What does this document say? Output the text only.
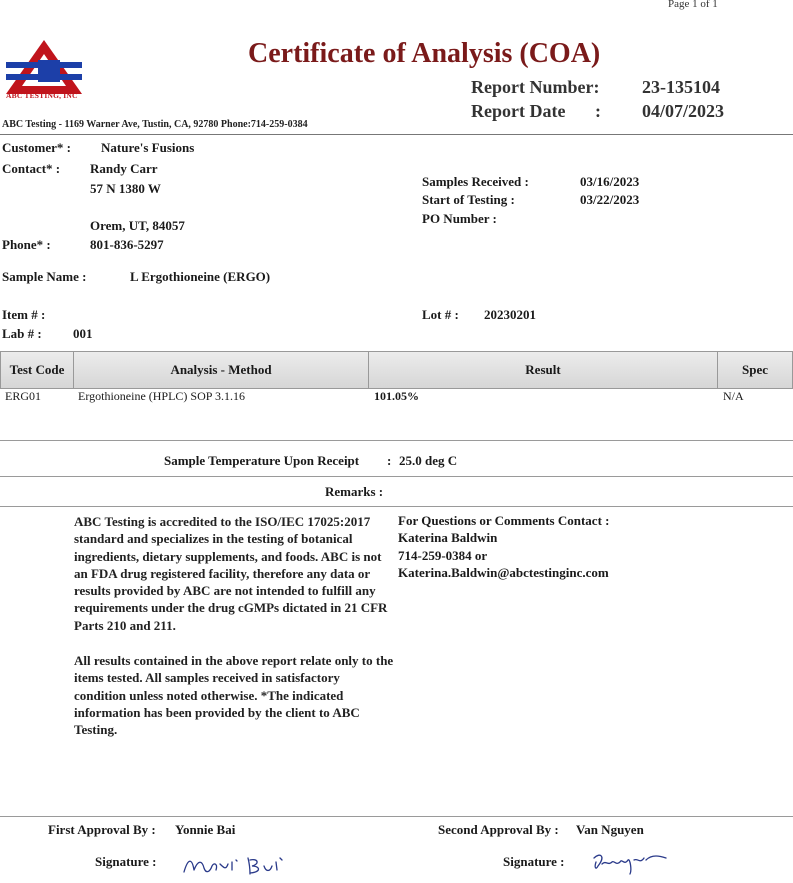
Page 1 of 1
ABC TESTING, INC
Certificate of Analysis (COA)
Report Number: 23-135104
Report Date : 04/07/2023
ABC Testing - 1169 Warner Ave, Tustin, CA, 92780 Phone:714-259-0384
Customer* : Nature's Fusions
Contact* : Randy Carr
57 N 1380 W
Orem, UT, 84057
Phone* :	801-836-5297
Samples Received :	03/16/2023
Start of Testing :	03/22/2023
PO Number :
Sample Name :	L Ergothioneine (ERGO)
Item # :	Lot # : 20230201
Lab # : 001
Test Code	Analysis - Method	Result	Spec
ERG01	Ergothioneine (HPLC) SOP 3.1.16	101.05%	N/A
Sample Temperature Upon Receipt : 25.0 deg C
Remarks :
ABC Testing is accredited to the ISO/IEC 17025:2017 standard and specializes in the testing of botanical ingredients, dietary supplements, and foods. ABC is not an FDA drug registered facility, therefore any data or results provided by ABC are not intended to fulfill any requirements under the drug cGMPs dictated in 21 CFR Parts 210 and 211.
All results contained in the above report relate only to the items tested. All samples received in satisfactory condition unless noted otherwise. *The indicated information has been provided by the client to ABC Testing.
For Questions or Comments Contact :
Katerina Baldwin
714-259-0384 or
Katerina.Baldwin@abctestinginc.com
First Approval By : Yonnie Bai	Second Approval By : Van Nguyen
Signature :	Signature :
